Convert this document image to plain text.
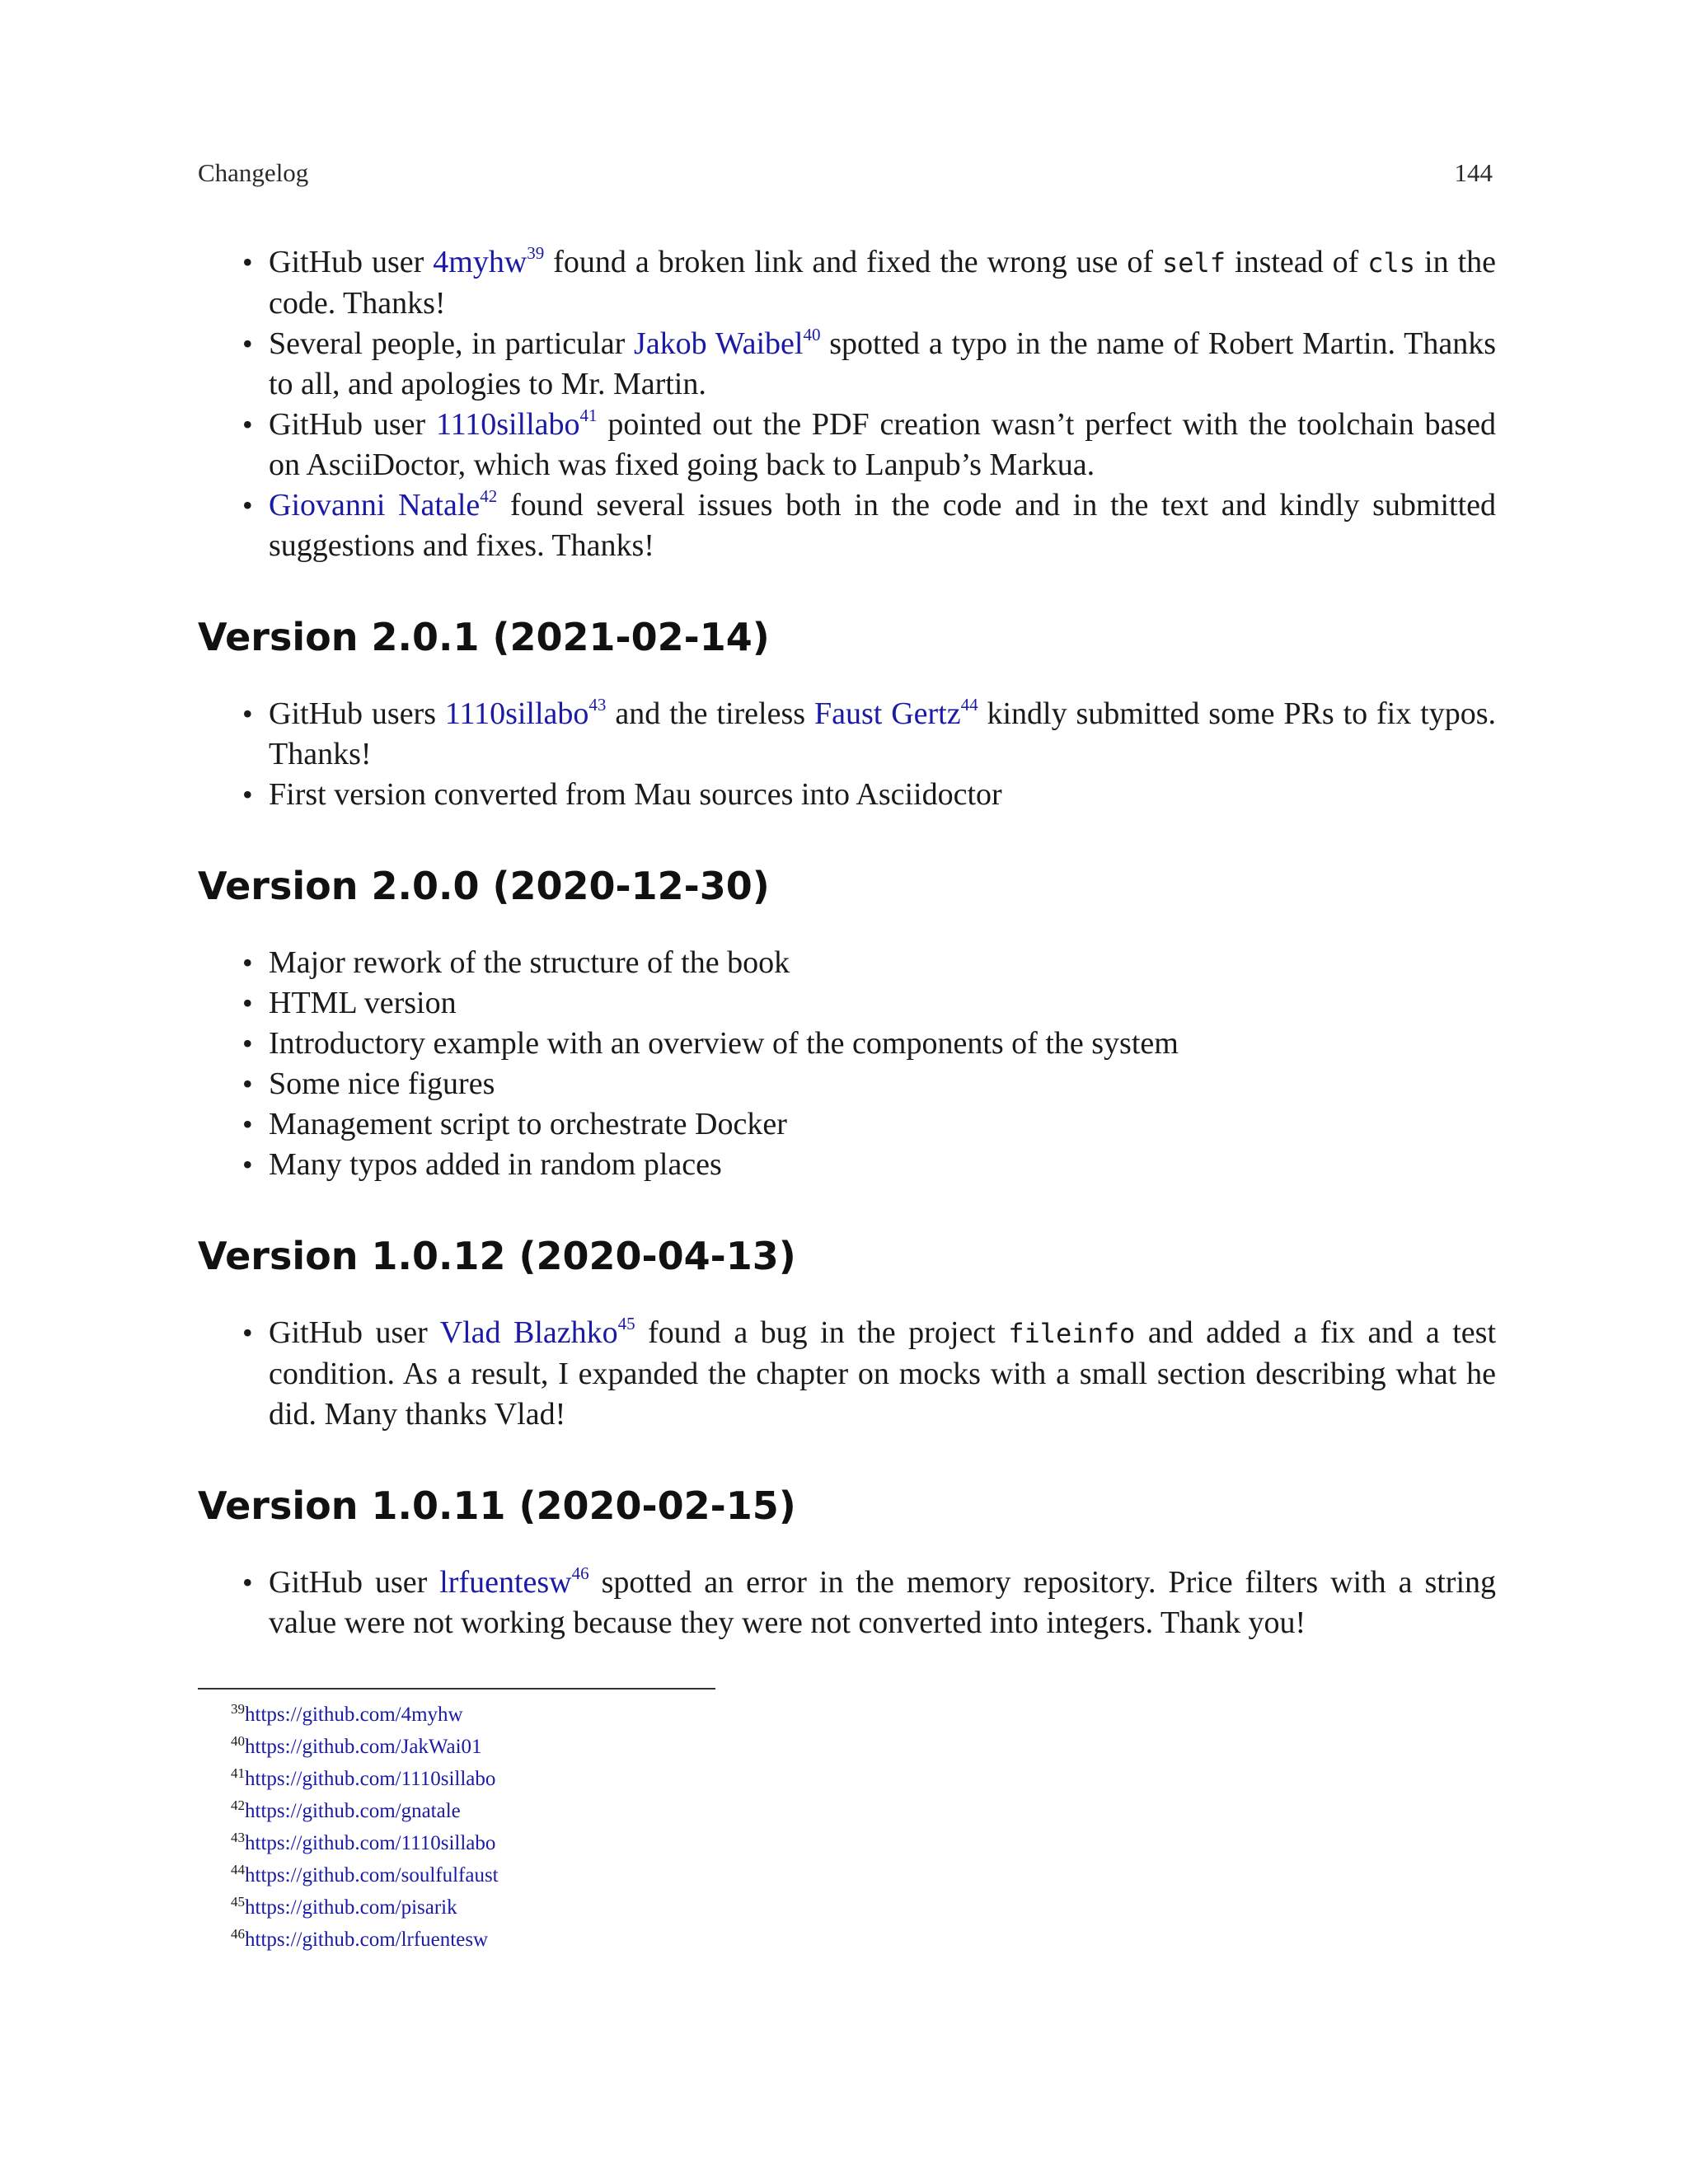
Changelog	144
• GitHub user 4myhw$^{39}$ found a broken link and fixed the wrong use of self instead of cls in the code. Thanks!
• Several people, in particular Jakob Waibel$^{40}$ spotted a typo in the name of Robert Martin. Thanks to all, and apologies to Mr. Martin.
• GitHub user 1110sillabo$^{41}$ pointed out the PDF creation wasn’t perfect with the toolchain based on AsciiDoctor, which was fixed going back to Lanpub’s Markua.
• Giovanni Natale$^{42}$ found several issues both in the code and in the text and kindly submitted suggestions and fixes. Thanks!
Version 2.0.1 (2021-02-14)
• GitHub users 1110sillabo$^{43}$ and the tireless Faust Gertz$^{44}$ kindly submitted some PRs to fix typos. Thanks!
• First version converted from Mau sources into Asciidoctor
Version 2.0.0 (2020-12-30)
• Major rework of the structure of the book
• HTML version
• Introductory example with an overview of the components of the system
• Some nice figures
• Management script to orchestrate Docker
• Many typos added in random places
Version 1.0.12 (2020-04-13)
• GitHub user Vlad Blazhko$^{45}$ found a bug in the project fileinfo and added a fix and a test condition. As a result, I expanded the chapter on mocks with a small section describing what he did. Many thanks Vlad!
Version 1.0.11 (2020-02-15)
• GitHub user lrfuentesw$^{46}$ spotted an error in the memory repository. Price filters with a string value were not working because they were not converted into integers. Thank you!
$^{39}$https://github.com/4myhw
$^{40}$https://github.com/JakWai01
$^{41}$https://github.com/1110sillabo
$^{42}$https://github.com/gnatale
$^{43}$https://github.com/1110sillabo
$^{44}$https://github.com/soulfulfaust
$^{45}$https://github.com/pisarik
$^{46}$https://github.com/lrfuentesw
